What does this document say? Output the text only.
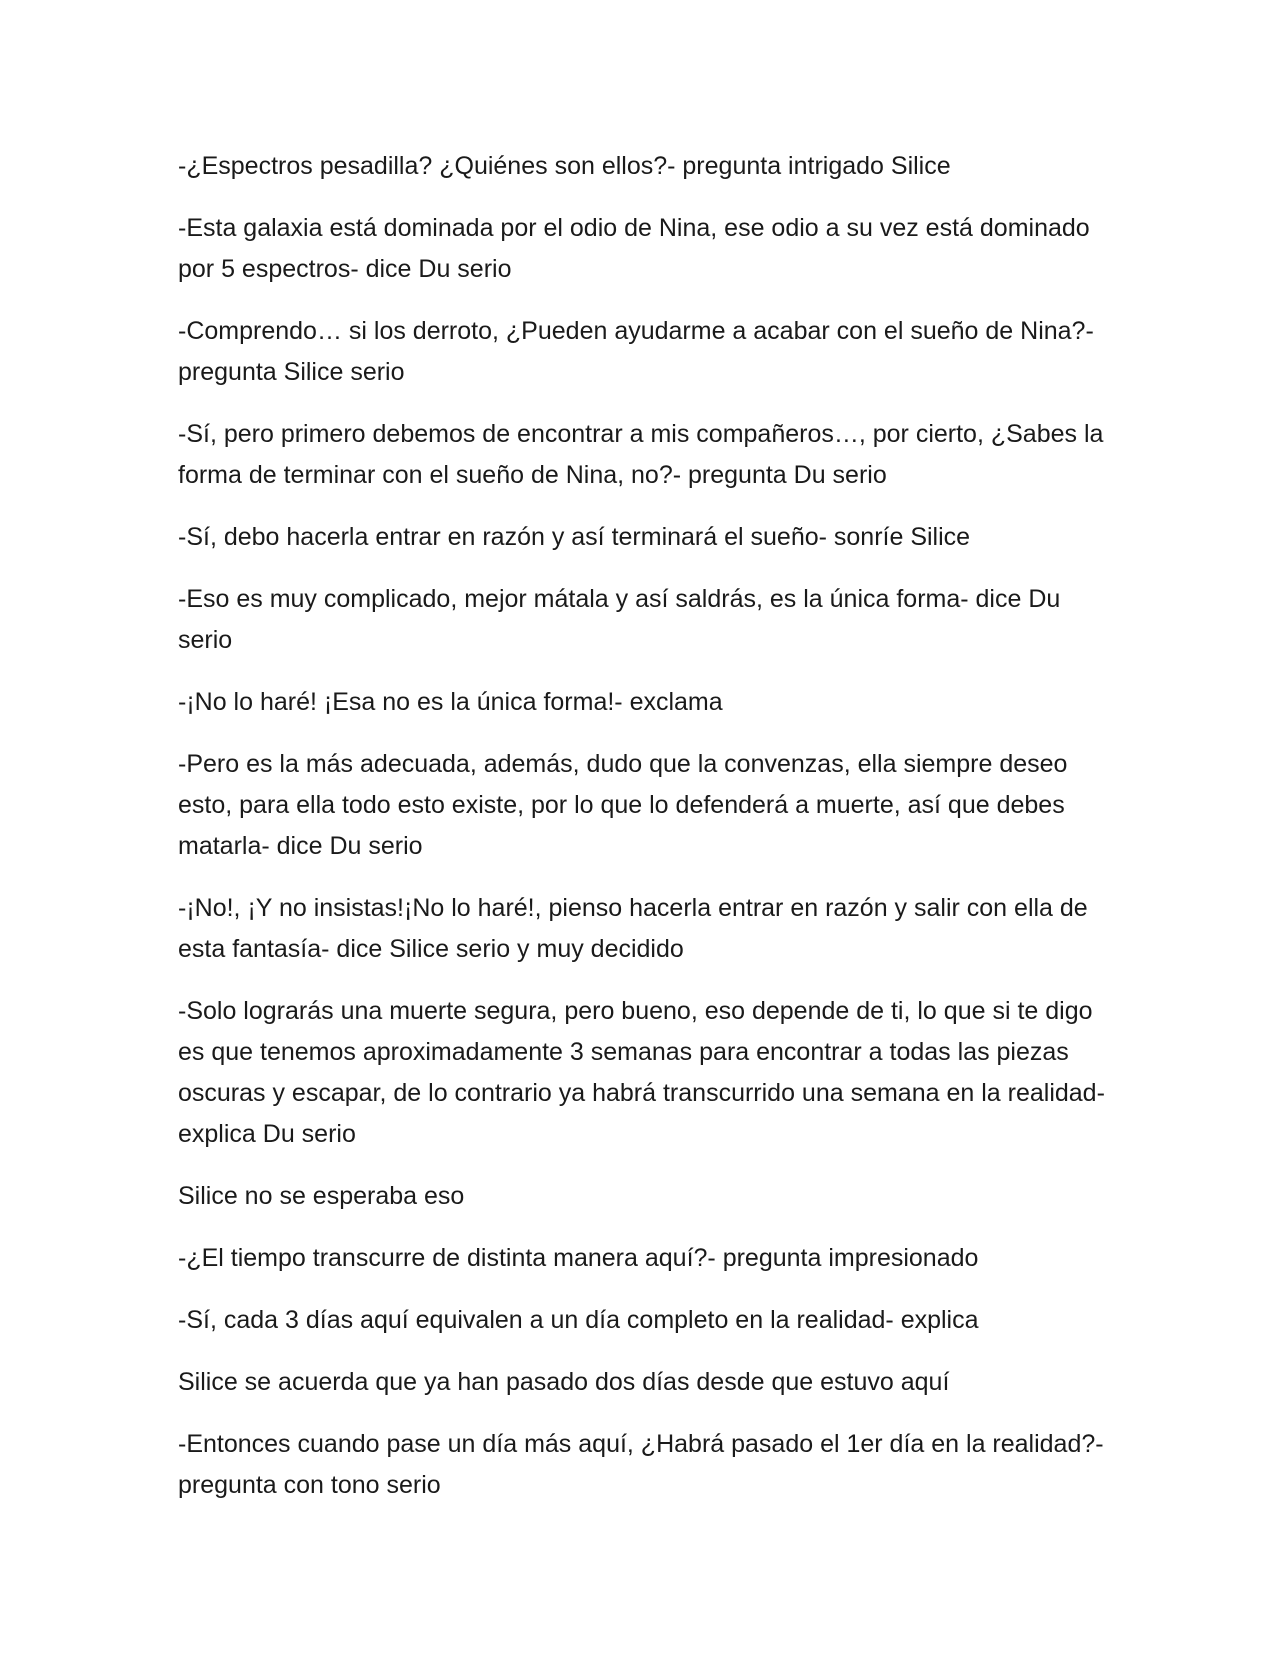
-¿Espectros pesadilla? ¿Quiénes son ellos?- pregunta intrigado Silice

-Esta galaxia está dominada por el odio de Nina, ese odio a su vez está dominado por 5 espectros- dice Du serio

-Comprendo… si los derroto, ¿Pueden ayudarme a acabar con el sueño de Nina?- pregunta Silice serio

-Sí, pero primero debemos de encontrar a mis compañeros…, por cierto, ¿Sabes la forma de terminar con el sueño de Nina, no?- pregunta Du serio

-Sí, debo hacerla entrar en razón y así terminará el sueño- sonríe Silice

-Eso es muy complicado, mejor mátala y así saldrás, es la única forma- dice Du serio

-¡No lo haré! ¡Esa no es la única forma!- exclama

-Pero es la más adecuada, además, dudo que la convenzas, ella siempre deseo esto, para ella todo esto existe, por lo que lo defenderá a muerte, así que debes matarla- dice Du serio

-¡No!, ¡Y no insistas!¡No lo haré!, pienso hacerla entrar en razón y salir con ella de esta fantasía- dice Silice serio y muy decidido

-Solo lograrás una muerte segura, pero bueno, eso depende de ti, lo que si te digo es que tenemos aproximadamente 3 semanas para encontrar a todas las piezas oscuras y escapar, de lo contrario ya habrá transcurrido una semana en la realidad- explica Du serio

Silice no se esperaba eso

-¿El tiempo transcurre de distinta manera aquí?- pregunta impresionado

-Sí, cada 3 días aquí equivalen a un día completo en la realidad- explica

Silice se acuerda que ya han pasado dos días desde que estuvo aquí

-Entonces cuando pase un día más aquí, ¿Habrá pasado el 1er día en la realidad?- pregunta con tono serio
